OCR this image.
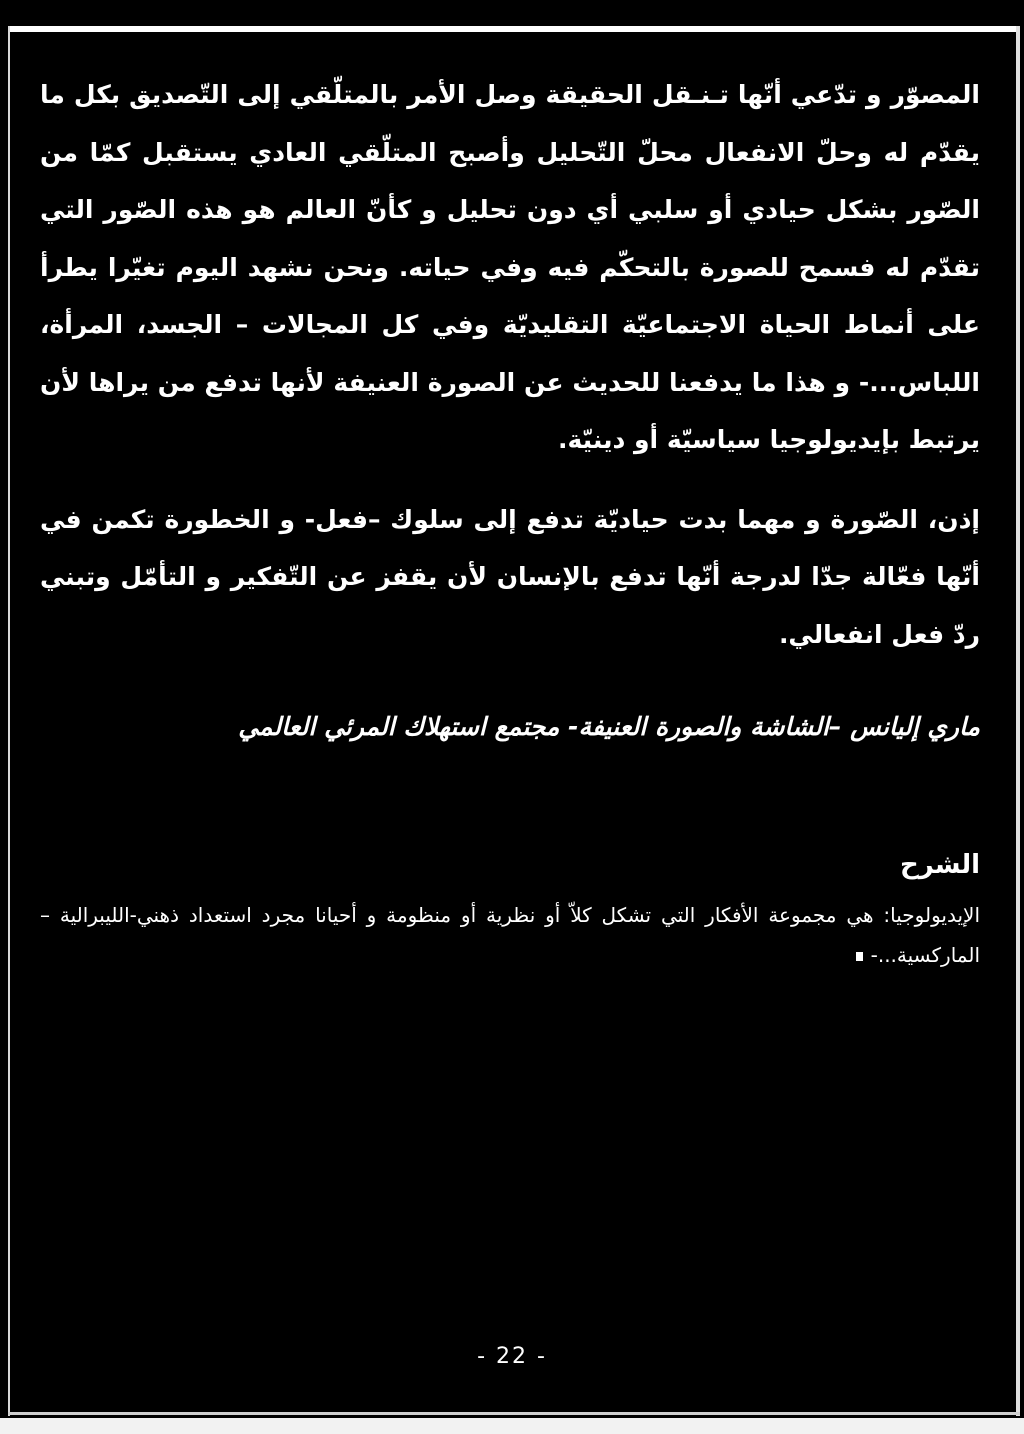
المصوّر و تدّعي أنّها تـنـقل الحقيقة وصل الأمر بالمتلّقي إلى التّصديق بكل ما يقدّم له وحلّ الانفعال محلّ التّحليل وأصبح المتلّقي العادي يستقبل كمّا من الصّور بشكل حيادي أو سلبي أي دون تحليل و كأنّ العالم هو هذه الصّور التي تقدّم له فسمح للصورة بالتحكّم فيه وفي حياته. ونحن نشهد اليوم تغيّرا يطرأ على أنماط الحياة الاجتماعيّة التقليديّة وفي كل المجالات – الجسد، المرأة، اللباس...- و هذا ما يدفعنا للحديث عن الصورة العنيفة لأنها تدفع من يراها لأن يرتبط بإيديولوجيا سياسيّة أو دينيّة.

إذن، الصّورة و مهما بدت حياديّة تدفع إلى سلوك –فعل- و الخطورة تكمن في أنّها فعّالة جدّا لدرجة أنّها تدفع بالإنسان لأن يقفز عن التّفكير و التأمّل وتبني ردّ فعل انفعالي.

ماري إليانس –الشاشة والصورة العنيفة- مجتمع استهلاك المرئي العالمي

الشرح

الإيديولوجيا: هي مجموعة الأفكار التي تشكل كلاّ أو نظرية أو منظومة و أحيانا مجرد استعداد ذهني-الليبرالية –الماركسية...-

- 22 -
